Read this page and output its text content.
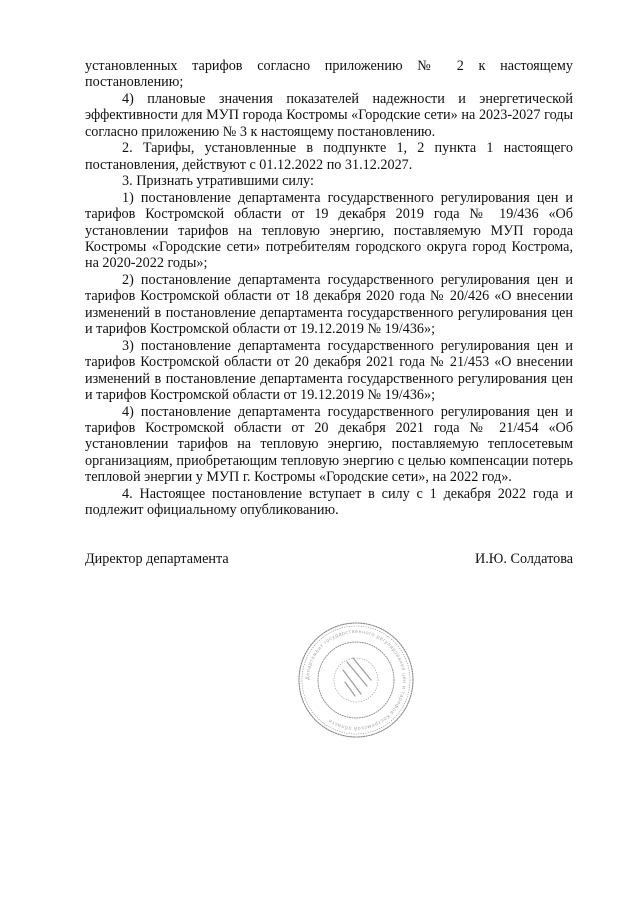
установленных тарифов согласно приложению № 2 к настоящему постановлению;

4) плановые значения показателей надежности и энергетической эффективности для МУП города Костромы «Городские сети» на 2023-2027 годы согласно приложению № 3 к настоящему постановлению.

2. Тарифы, установленные в подпункте 1, 2 пункта 1 настоящего постановления, действуют с 01.12.2022 по 31.12.2027.

3. Признать утратившими силу:

1) постановление департамента государственного регулирования цен и тарифов Костромской области от 19 декабря 2019 года № 19/436 «Об установлении тарифов на тепловую энергию, поставляемую МУП города Костромы «Городские сети» потребителям городского округа город Кострома, на 2020-2022 годы»;

2) постановление департамента государственного регулирования цен и тарифов Костромской области от 18 декабря 2020 года № 20/426 «О внесении изменений в постановление департамента государственного регулирования цен и тарифов Костромской области от 19.12.2019 № 19/436»;

3) постановление департамента государственного регулирования цен и тарифов Костромской области от 20 декабря 2021 года № 21/453 «О внесении изменений в постановление департамента государственного регулирования цен и тарифов Костромской области от 19.12.2019 № 19/436»;

4) постановление департамента государственного регулирования цен и тарифов Костромской области от 20 декабря 2021 года № 21/454 «Об установлении тарифов на тепловую энергию, поставляемую теплосетевым организациям, приобретающим тепловую энергию с целью компенсации потерь тепловой энергии у МУП г. Костромы «Городские сети», на 2022 год».

4. Настоящее постановление вступает в силу с 1 декабря 2022 года и подлежит официальному опубликованию.

Директор департамента	И.Ю. Солдатова
Департамент государственного регулирования цен и тарифов Костромской области
